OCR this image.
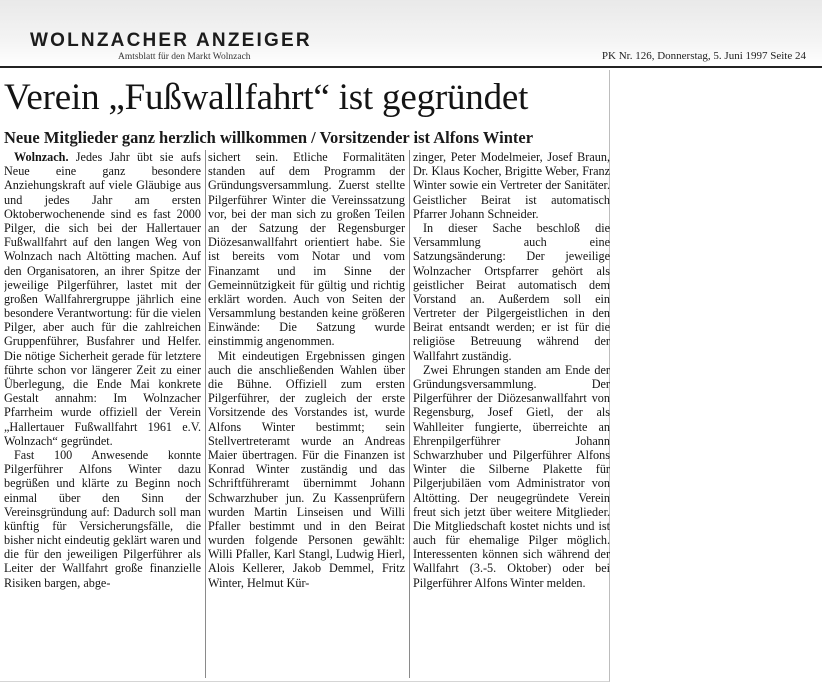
WOLNZACHER ANZEIGER
Amtsblatt für den Markt Wolnzach	PK Nr. 126, Donnerstag, 5. Juni 1997 Seite 24
Verein „Fußwallfahrt“ ist gegründet
Neue Mitglieder ganz herzlich willkommen / Vorsitzender ist Alfons Winter

Wolnzach. Jedes Jahr übt sie aufs Neue eine ganz besondere Anziehungskraft auf viele Gläubige aus und jedes Jahr am ersten Oktoberwochenende sind es fast 2000 Pilger, die sich bei der Hallertauer Fußwallfahrt auf den langen Weg von Wolnzach nach Altötting machen. Auf den Organisatoren, an ihrer Spitze der jeweilige Pilgerführer, lastet mit der großen Wallfahrergruppe jährlich eine besondere Verantwortung: für die vielen Pilger, aber auch für die zahlreichen Gruppenführer, Busfahrer und Helfer. Die nötige Sicherheit gerade für letztere führte schon vor längerer Zeit zu einer Überlegung, die Ende Mai konkrete Gestalt annahm: Im Wolnzacher Pfarrheim wurde offiziell der Verein „Hallertauer Fußwallfahrt 1961 e.V. Wolnzach“ gegründet.

Fast 100 Anwesende konnte Pilgerführer Alfons Winter dazu begrüßen und klärte zu Beginn noch einmal über den Sinn der Vereinsgründung auf: Dadurch soll man künftig für Versicherungsfälle, die bisher nicht eindeutig geklärt waren und die für den jeweiligen Pilgerführer als Leiter der Wallfahrt große finanzielle Risiken bargen, abge-

sichert sein. Etliche Formalitäten standen auf dem Programm der Gründungsversammlung. Zuerst stellte Pilgerführer Winter die Vereinssatzung vor, bei der man sich zu großen Teilen an der Satzung der Regensburger Diözesanwallfahrt orientiert habe. Sie ist bereits vom Notar und vom Finanzamt und im Sinne der Gemeinnützigkeit für gültig und richtig erklärt worden. Auch von Seiten der Versammlung bestanden keine größeren Einwände: Die Satzung wurde einstimmig angenommen.

Mit eindeutigen Ergebnissen gingen auch die anschließenden Wahlen über die Bühne. Offiziell zum ersten Pilgerführer, der zugleich der erste Vorsitzende des Vorstandes ist, wurde Alfons Winter bestimmt; sein Stellvertreteramt wurde an Andreas Maier übertragen. Für die Finanzen ist Konrad Winter zuständig und das Schriftführeramt übernimmt Johann Schwarzhuber jun. Zu Kassenprüfern wurden Martin Linseisen und Willi Pfaller bestimmt und in den Beirat wurden folgende Personen gewählt: Willi Pfaller, Karl Stangl, Ludwig Hierl, Alois Kellerer, Jakob Demmel, Fritz Winter, Helmut Kür-

zinger, Peter Modelmeier, Josef Braun, Dr. Klaus Kocher, Brigitte Weber, Franz Winter sowie ein Vertreter der Sanitäter. Geistlicher Beirat ist automatisch Pfarrer Johann Schneider.

In dieser Sache beschloß die Versammlung auch eine Satzungsänderung: Der jeweilige Wolnzacher Ortspfarrer gehört als geistlicher Beirat automatisch dem Vorstand an. Außerdem soll ein Vertreter der Pilgergeistlichen in den Beirat entsandt werden; er ist für die religiöse Betreuung während der Wallfahrt zuständig.

Zwei Ehrungen standen am Ende der Gründungsversammlung. Der Pilgerführer der Diözesanwallfahrt von Regensburg, Josef Gietl, der als Wahlleiter fungierte, überreichte an Ehrenpilgerführer Johann Schwarzhuber und Pilgerführer Alfons Winter die Silberne Plakette für Pilgerjubiläen vom Administrator von Altötting. Der neugegründete Verein freut sich jetzt über weitere Mitglieder. Die Mitgliedschaft kostet nichts und ist auch für ehemalige Pilger möglich. Interessenten können sich während der Wallfahrt (3.-5. Oktober) oder bei Pilgerführer Alfons Winter melden.
